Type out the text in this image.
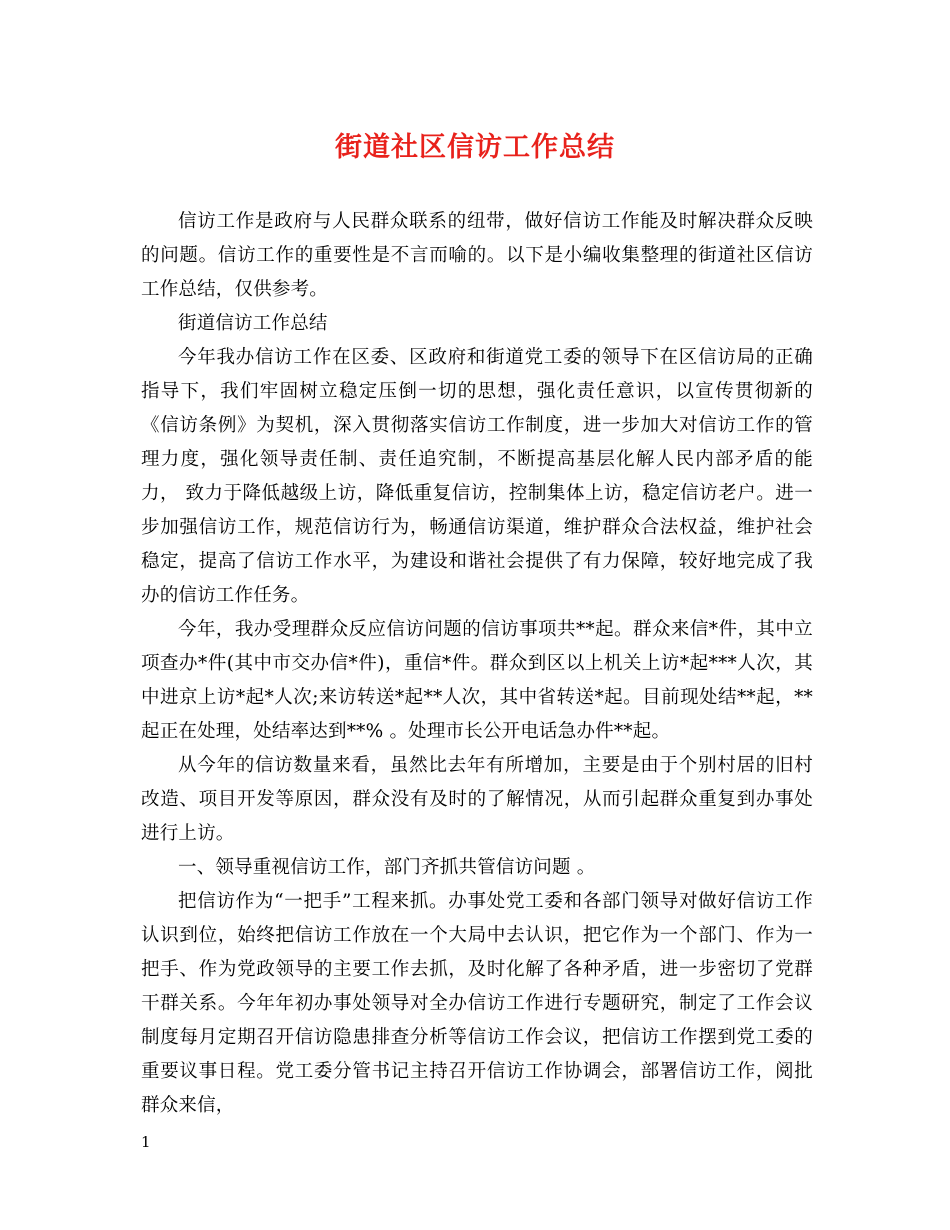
街道社区信访工作总结

信访工作是政府与人民群众联系的纽带，做好信访工作能及时解决群众反映的问题。信访工作的重要性是不言而喻的。以下是小编收集整理的街道社区信访工作总结，仅供参考。

街道信访工作总结

今年我办信访工作在区委、区政府和街道党工委的领导下在区信访局的正确指导下，我们牢固树立稳定压倒一切的思想，强化责任意识，以宣传贯彻新的《信访条例》为契机，深入贯彻落实信访工作制度，进一步加大对信访工作的管理力度，强化领导责任制、责任追究制，不断提高基层化解人民内部矛盾的能力， 致力于降低越级上访，降低重复信访，控制集体上访，稳定信访老户。进一步加强信访工作，规范信访行为，畅通信访渠道，维护群众合法权益，维护社会稳定，提高了信访工作水平，为建设和谐社会提供了有力保障，较好地完成了我办的信访工作任务。

今年，我办受理群众反应信访问题的信访事项共**起。群众来信*件，其中立项查办*件(其中市交办信*件)，重信*件。群众到区以上机关上访*起***人次，其中进京上访*起*人次;来访转送*起**人次，其中省转送*起。目前现处结**起，**起正在处理，处结率达到**% 。处理市长公开电话急办件**起。

从今年的信访数量来看，虽然比去年有所增加，主要是由于个别村居的旧村改造、项目开发等原因，群众没有及时的了解情况，从而引起群众重复到办事处进行上访。

一、领导重视信访工作，部门齐抓共管信访问题 。

把信访作为“一把手”工程来抓。办事处党工委和各部门领导对做好信访工作认识到位，始终把信访工作放在一个大局中去认识，把它作为一个部门、作为一把手、作为党政领导的主要工作去抓，及时化解了各种矛盾，进一步密切了党群干群关系。今年年初办事处领导对全办信访工作进行专题研究，制定了工作会议制度每月定期召开信访隐患排查分析等信访工作会议，把信访工作摆到党工委的重要议事日程。党工委分管书记主持召开信访工作协调会，部署信访工作，阅批群众来信，

1
